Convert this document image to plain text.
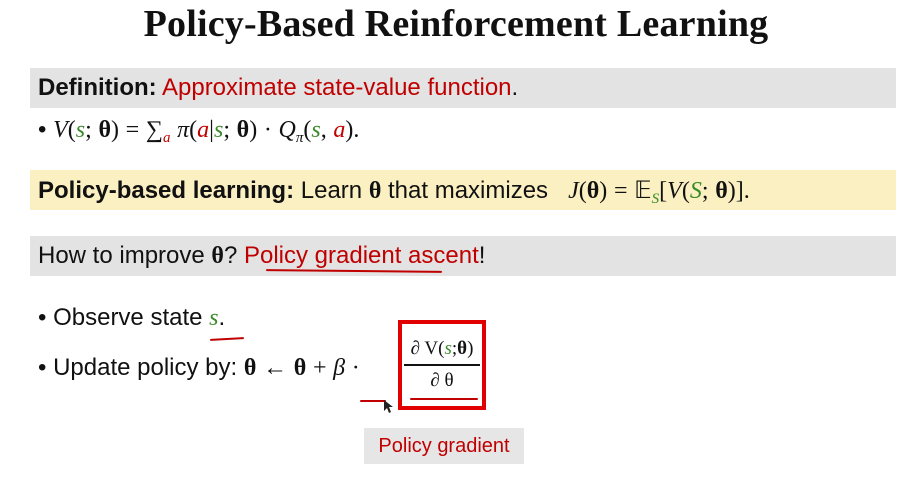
Policy-Based Reinforcement Learning
Definition: Approximate state-value function.
• V(s; $\theta) = \sum_a$ π(a|s; $\theta) \cdot Q_\pi(s$, a).
Policy-based learning: Learn θ that maximizes J(θ) = 𝔼$_S$[V(S; θ)].
How to improve θ? Policy gradient ascent!
• Observe state s.
• Update policy by: θ ← θ + β ·
∂ V(s;θ)
∂ θ
Policy gradient
